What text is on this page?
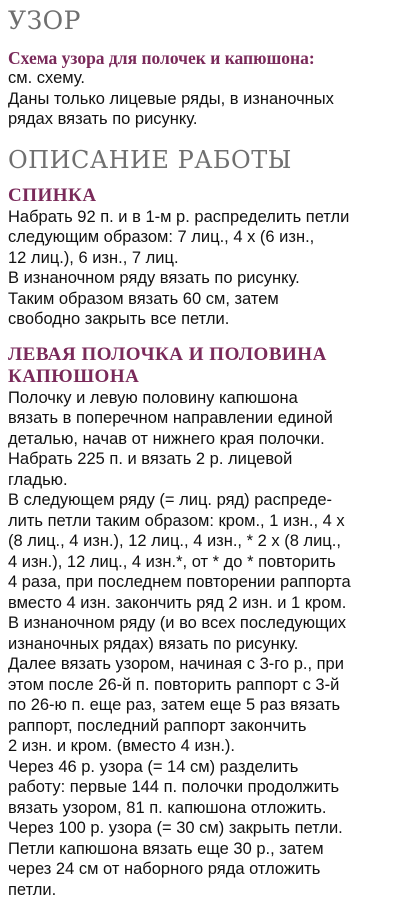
УЗОР
Схема узора для полочек и капюшона:
см. схему.
Даны только лицевые ряды, в изнаночных
рядах вязать по рисунку.
ОПИСАНИЕ РАБОТЫ
СПИНКА
Набрать 92 п. и в 1-м р. распределить петли
следующим образом: 7 лиц., 4 х (6 изн.,
12 лиц.), 6 изн., 7 лиц.
В изнаночном ряду вязать по рисунку.
Таким образом вязать 60 см, затем
свободно закрыть все петли.
ЛЕВАЯ ПОЛОЧКА И ПОЛОВИНА
КАПЮШОНА
Полочку и левую половину капюшона
вязать в поперечном направлении единой
деталью, начав от нижнего края полочки.
Набрать 225 п. и вязать 2 р. лицевой
гладью.
В следующем ряду (= лиц. ряд) распреде-
лить петли таким образом: кром., 1 изн., 4 х
(8 лиц., 4 изн.), 12 лиц., 4 изн., * 2 х (8 лиц.,
4 изн.), 12 лиц., 4 изн.*, от * до * повторить
4 раза, при последнем повторении раппорта
вместо 4 изн. закончить ряд 2 изн. и 1 кром.
В изнаночном ряду (и во всех последующих
изнаночных рядах) вязать по рисунку.
Далее вязать узором, начиная с 3-го р., при
этом после 26-й п. повторить раппорт с 3-й
по 26-ю п. еще раз, затем еще 5 раз вязать
раппорт, последний раппорт закончить
2 изн. и кром. (вместо 4 изн.).
Через 46 р. узора (= 14 см) разделить
работу: первые 144 п. полочки продолжить
вязать узором, 81 п. капюшона отложить.
Через 100 р. узора (= 30 см) закрыть петли.
Петли капюшона вязать еще 30 р., затем
через 24 см от наборного ряда отложить
петли.
